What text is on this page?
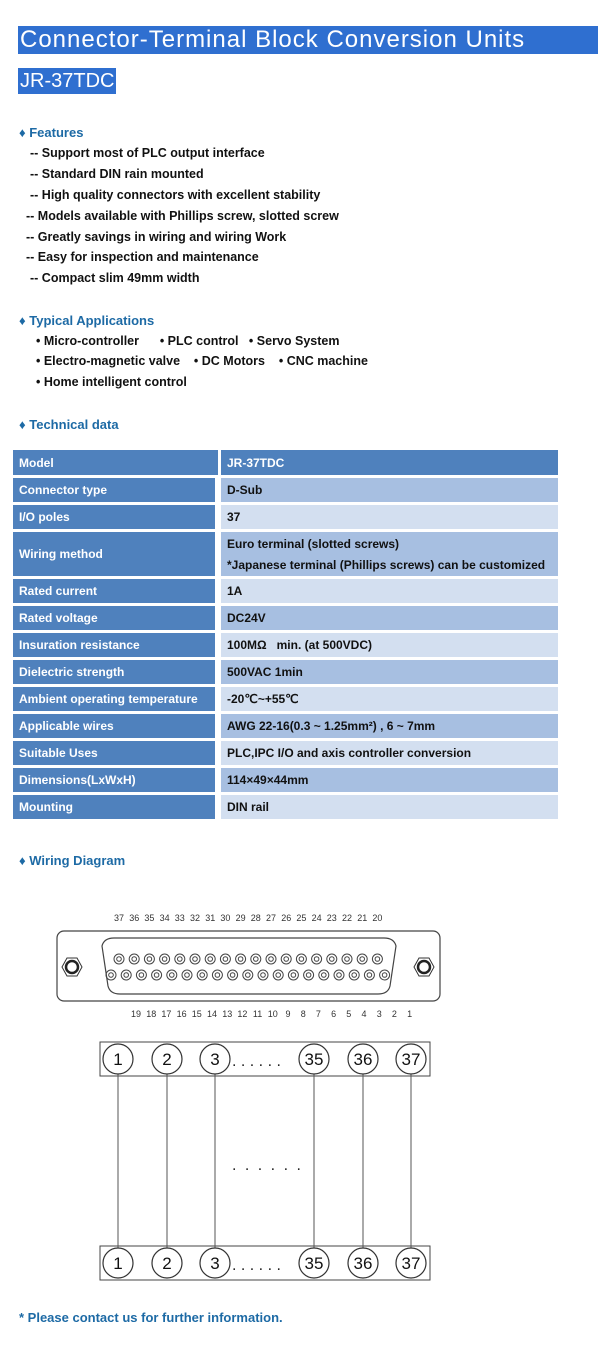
Connector-Terminal Block Conversion Units
JR-37TDC
♦ Features
-- Support most of PLC output interface
-- Standard DIN rain mounted
-- High quality connectors with excellent stability
-- Models available with Phillips screw, slotted screw
-- Greatly savings in wiring and wiring Work
-- Easy for inspection and maintenance
-- Compact slim 49mm width
♦ Typical Applications
• Micro-controller      • PLC control   • Servo System
• Electro-magnetic valve    • DC Motors    • CNC machine
• Home intelligent control
♦ Technical data
Model	JR-37TDC
Connector type	D-Sub
I/O poles	37
Wiring method	Euro terminal (slotted screws)
*Japanese terminal (Phillips screws) can be customized

Rated current	1A
Rated voltage	DC24V
Insuration resistance	100MΩ   min. (at 500VDC)
Dielectric strength	500VAC 1min
Ambient operating temperature	-20℃~+55℃
Applicable wires	AWG 22-16(0.3 ~ 1.25mm²) , 6 ~ 7mm
Suitable Uses	PLC,IPC I/O and axis controller conversion
Dimensions(LxWxH)	114×49×44mm
Mounting	DIN rail
♦ Wiring Diagram
37 36 35 34 33 32 31 30 29 28 27 26 25 24 23 22 21 20
19 18 17 16 15 14 13 12 11 10 9 8 7 6 5 4 3 2 1
1
1
2
2
3
3
35
35
36
36
37
37
. . . . . .
. . . . . .
. . . . . .
* Please contact us for further information.
